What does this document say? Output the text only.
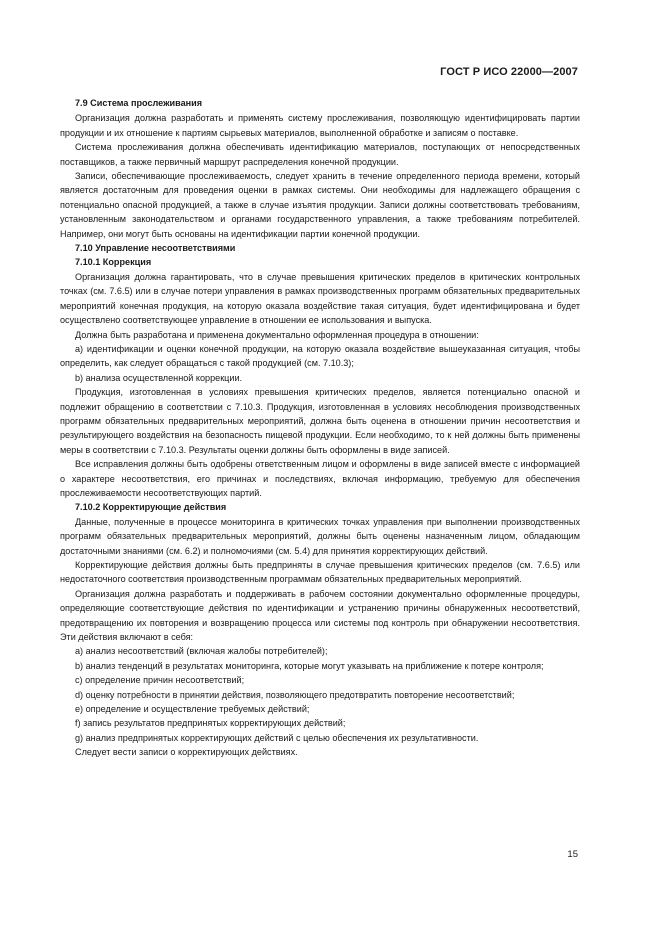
ГОСТ Р ИСО 22000—2007
7.9 Система прослеживания

Организация должна разработать и применять систему прослеживания, позволяющую идентифицировать партии продукции и их отношение к партиям сырьевых материалов, выполненной обработке и записям о поставке.

Система прослеживания должна обеспечивать идентификацию материалов, поступающих от непосредственных поставщиков, а также первичный маршрут распределения конечной продукции.

Записи, обеспечивающие прослеживаемость, следует хранить в течение определенного периода времени, который является достаточным для проведения оценки в рамках системы. Они необходимы для надлежащего обращения с потенциально опасной продукцией, а также в случае изъятия продукции. Записи должны соответствовать требованиям, установленным законодательством и органами государственного управления, а также требованиям потребителей. Например, они могут быть основаны на идентификации партии конечной продукции.

7.10 Управление несоответствиями
7.10.1 Коррекция

Организация должна гарантировать, что в случае превышения критических пределов в критических контрольных точках (см. 7.6.5) или в случае потери управления в рамках производственных программ обязательных предварительных мероприятий конечная продукция, на которую оказала воздействие такая ситуация, будет идентифицирована и будет осуществлено соответствующее управление в отношении ее использования и выпуска.

Должна быть разработана и применена документально оформленная процедура в отношении:

a) идентификации и оценки конечной продукции, на которую оказала воздействие вышеуказанная ситуация, чтобы определить, как следует обращаться с такой продукцией (см. 7.10.3);

b) анализа осуществленной коррекции.

Продукция, изготовленная в условиях превышения критических пределов, является потенциально опасной и подлежит обращению в соответствии с 7.10.3. Продукция, изготовленная в условиях несоблюдения производственных программ обязательных предварительных мероприятий, должна быть оценена в отношении причин несоответствия и результирующего воздействия на безопасность пищевой продукции. Если необходимо, то к ней должны быть применены меры в соответствии с 7.10.3. Результаты оценки должны быть оформлены в виде записей.

Все исправления должны быть одобрены ответственным лицом и оформлены в виде записей вместе с информацией о характере несоответствия, его причинах и последствиях, включая информацию, требуемую для обеспечения прослеживаемости несоответствующих партий.

7.10.2 Корректирующие действия

Данные, полученные в процессе мониторинга в критических точках управления при выполнении производственных программ обязательных предварительных мероприятий, должны быть оценены назначенным лицом, обладающим достаточными знаниями (см. 6.2) и полномочиями (см. 5.4) для принятия корректирующих действий.

Корректирующие действия должны быть предприняты в случае превышения критических пределов (см. 7.6.5) или недостаточного соответствия производственным программам обязательных предварительных мероприятий.

Организация должна разработать и поддерживать в рабочем состоянии документально оформленные процедуры, определяющие соответствующие действия по идентификации и устранению причины обнаруженных несоответствий, предотвращению их повторения и возвращению процесса или системы под контроль при обнаружении несоответствия. Эти действия включают в себя:

a) анализ несоответствий (включая жалобы потребителей);

b) анализ тенденций в результатах мониторинга, которые могут указывать на приближение к потере контроля;

c) определение причин несоответствий;

d) оценку потребности в принятии действия, позволяющего предотвратить повторение несоответствий;

e) определение и осуществление требуемых действий;

f) запись результатов предпринятых корректирующих действий;

g) анализ предпринятых корректирующих действий с целью обеспечения их результативности.

Следует вести записи о корректирующих действиях.

15
